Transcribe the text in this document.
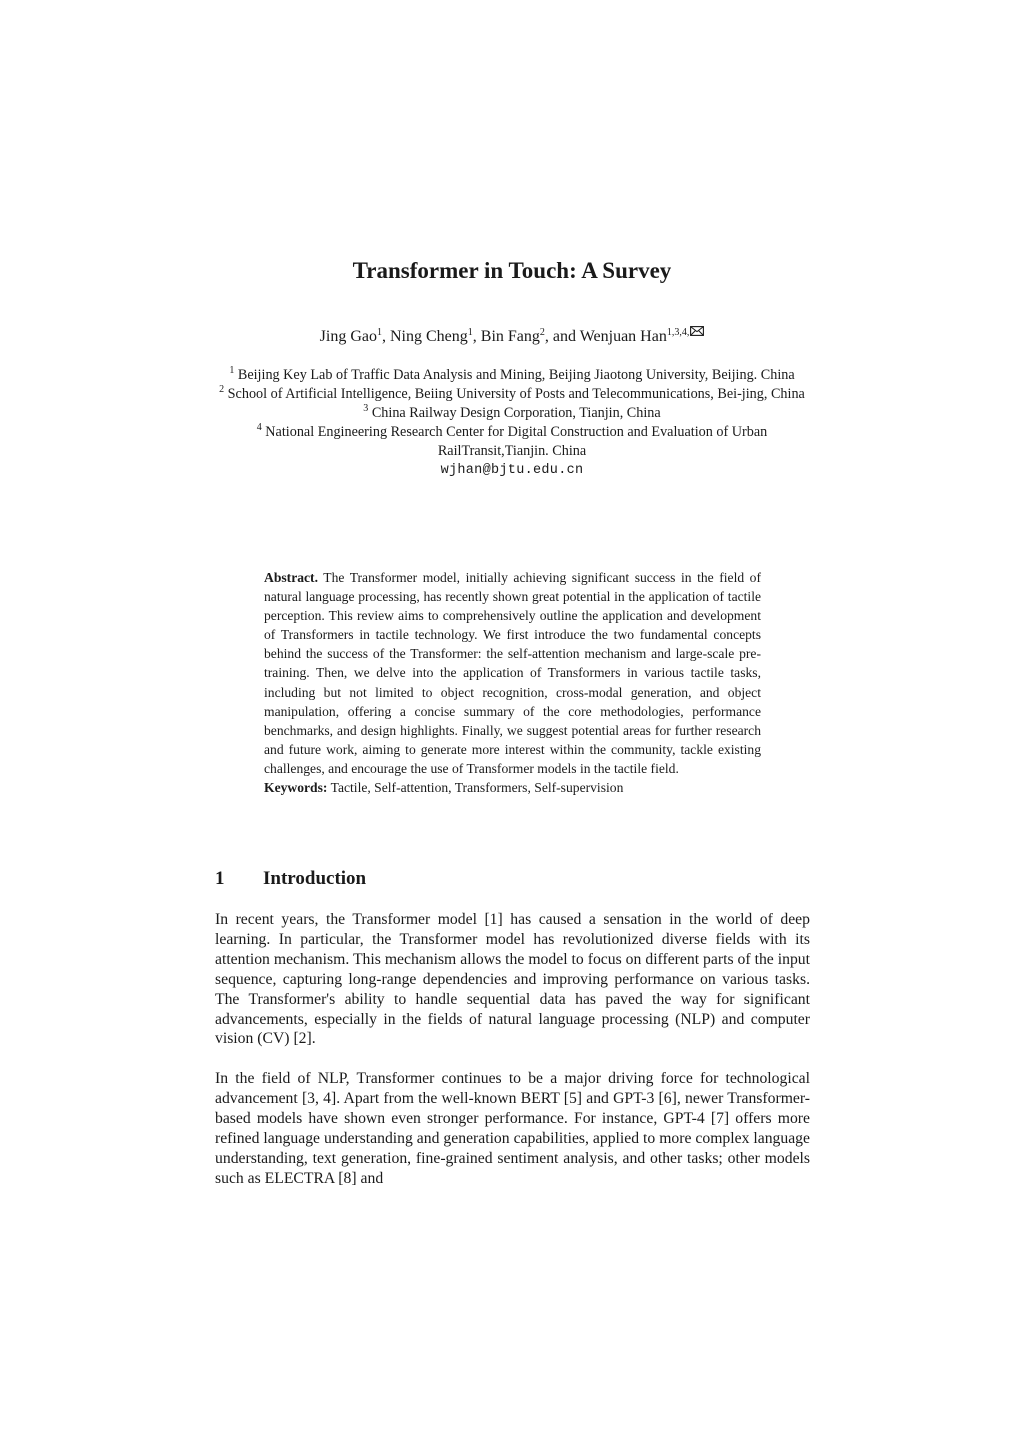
Transformer in Touch: A Survey
Jing Gao$^1$, Ning Cheng$^1$, Bin Fang$^2$, and Wenjuan Han$^{1,3,4,}$
$^1$ Beijing Key Lab of Traffic Data Analysis and Mining, Beijing Jiaotong University, Beijing. China
$^2$ School of Artificial Intelligence, Beiing University of Posts and Telecommunications, Bei-jing, China
$^3$ China Railway Design Corporation, Tianjin, China
$^4$ National Engineering Research Center for Digital Construction and Evaluation of Urban RailTransit,Tianjin. China
wjhan@bjtu.edu.cn

Abstract. The Transformer model, initially achieving significant success in the field of natural language processing, has recently shown great potential in the application of tactile perception. This review aims to comprehensively outline the application and development of Transformers in tactile technology. We first introduce the two fundamental concepts behind the success of the Transformer: the self-attention mechanism and large-scale pre-training. Then, we delve into the application of Transformers in various tactile tasks, including but not limited to object recognition, cross-modal generation, and object manipulation, offering a concise summary of the core methodologies, performance benchmarks, and design highlights. Finally, we suggest potential areas for further research and future work, aiming to generate more interest within the community, tackle existing challenges, and encourage the use of Transformer models in the tactile field.

Keywords: Tactile, Self-attention, Transformers, Self-supervision

1 Introduction

In recent years, the Transformer model [1] has caused a sensation in the world of deep learning. In particular, the Transformer model has revolutionized diverse fields with its attention mechanism. This mechanism allows the model to focus on different parts of the input sequence, capturing long-range dependencies and improving performance on various tasks. The Transformer's ability to handle sequential data has paved the way for significant advancements, especially in the fields of natural language processing (NLP) and computer vision (CV) [2].

In the field of NLP, Transformer continues to be a major driving force for technological advancement [3, 4]. Apart from the well-known BERT [5] and GPT-3 [6], newer Transformer-based models have shown even stronger performance. For instance, GPT-4 [7] offers more refined language understanding and generation capabilities, applied to more complex language understanding, text generation, fine-grained sentiment analysis, and other tasks; other models such as ELECTRA [8] and
